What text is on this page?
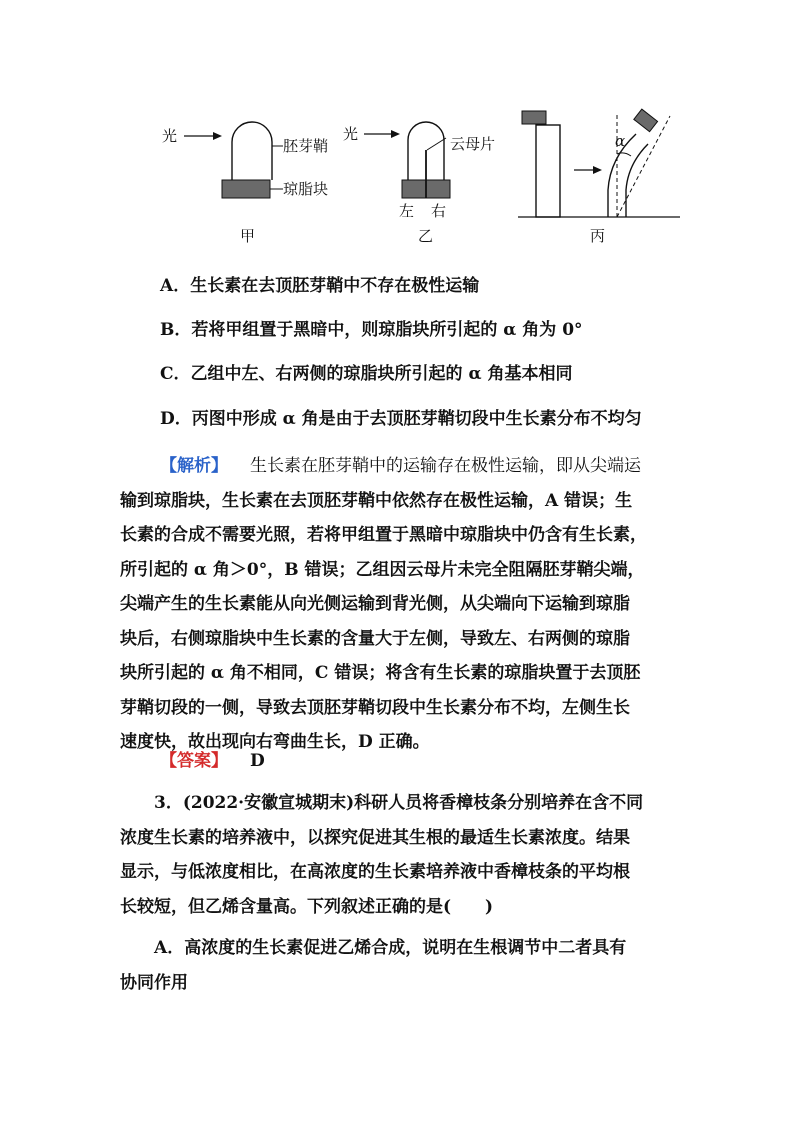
光
胚芽鞘
琼脂块
甲
光
云母片
左 右
乙
α
丙
A．生长素在去顶胚芽鞘中不存在极性运输
B．若将甲组置于黑暗中，则琼脂块所引起的 α 角为 0°
C．乙组中左、右两侧的琼脂块所引起的 α 角基本相同
D．丙图中形成 α 角是由于去顶胚芽鞘切段中生长素分布不均匀
【解析】 生长素在胚芽鞘中的运输存在极性运输，即从尖端运
输到琼脂块，生长素在去顶胚芽鞘中依然存在极性运输，A 错误；生
长素的合成不需要光照，若将甲组置于黑暗中琼脂块中仍含有生长素，
所引起的 α 角＞0°，B 错误；乙组因云母片未完全阻隔胚芽鞘尖端，
尖端产生的生长素能从向光侧运输到背光侧，从尖端向下运输到琼脂
块后，右侧琼脂块中生长素的含量大于左侧，导致左、右两侧的琼脂
块所引起的 α 角不相同，C 错误；将含有生长素的琼脂块置于去顶胚
芽鞘切段的一侧，导致去顶胚芽鞘切段中生长素分布不均，左侧生长
速度快，故出现向右弯曲生长，D 正确。
【答案】 D
3．(2022·安徽宣城期末)科研人员将香樟枝条分别培养在含不同
浓度生长素的培养液中，以探究促进其生根的最适生长素浓度。结果
显示，与低浓度相比，在高浓度的生长素培养液中香樟枝条的平均根
长较短，但乙烯含量高。下列叙述正确的是(　　)
A．高浓度的生长素促进乙烯合成，说明在生根调节中二者具有
协同作用
